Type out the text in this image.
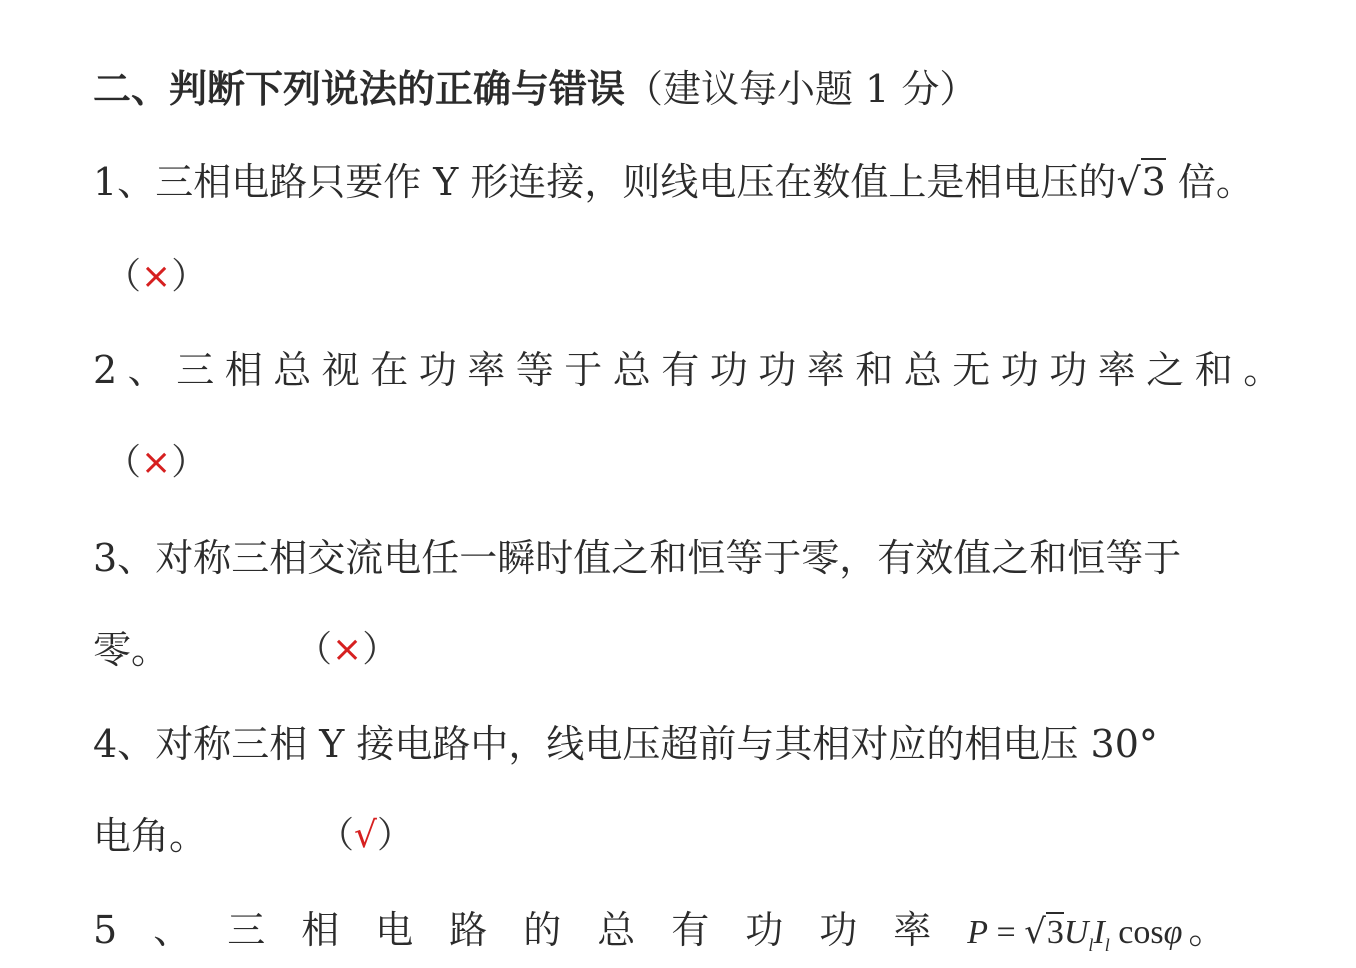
二、判断下列说法的正确与错误（建议每小题 1 分）
1、三相电路只要作 Y 形连接，则线电压在数值上是相电压的√3 倍。
（×）
2、三相总视在功率等于总有功功率和总无功功率之和。
（×）
3、对称三相交流电任一瞬时值之和恒等于零，有效值之和恒等于
零。	（×）
4、对称三相 Y 接电路中，线电压超前与其相对应的相电压 30°
电角。	（√）
5、三相电路的总有功功率$P = √3U_lI_l$ cosφ 。
